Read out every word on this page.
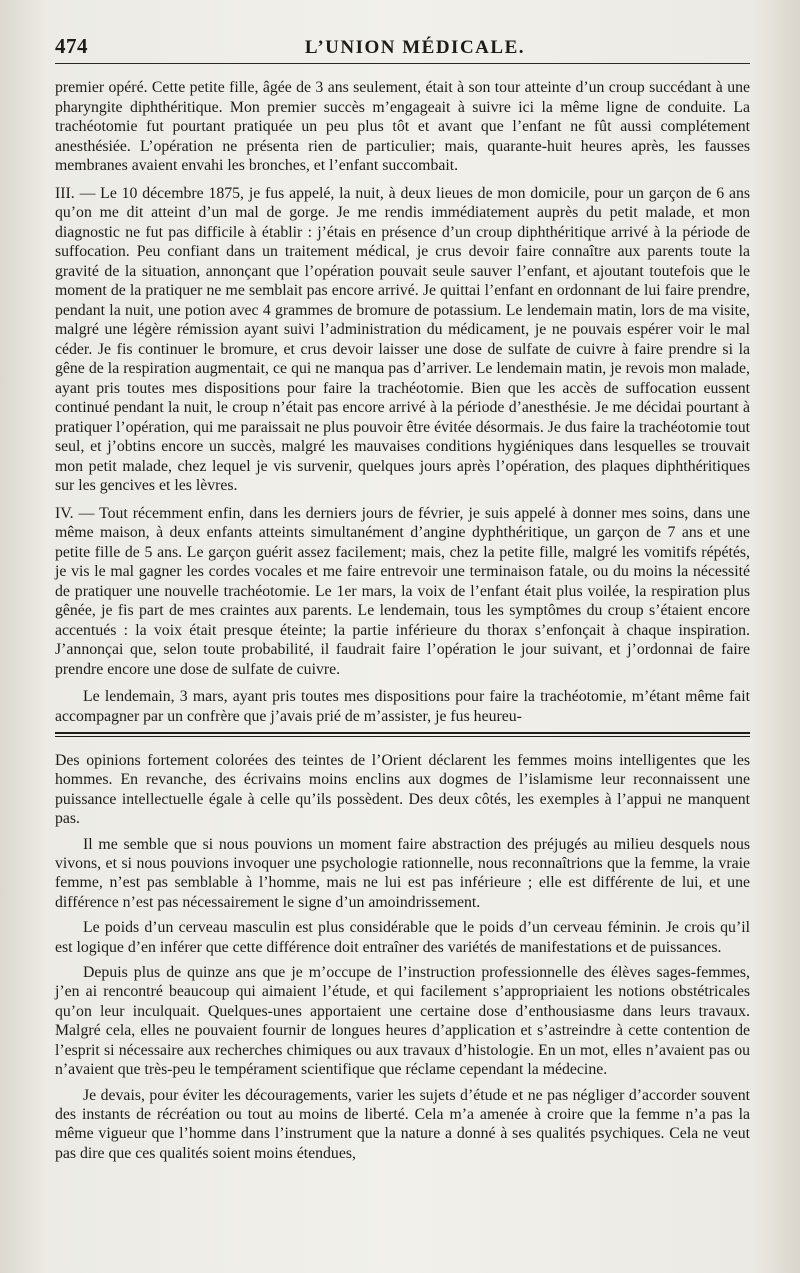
474	L’UNION MÉDICALE.

premier opéré. Cette petite fille, âgée de 3 ans seulement, était à son tour atteinte d’un croup succédant à une pharyngite diphthéritique. Mon premier succès m’engageait à suivre ici la même ligne de conduite. La trachéotomie fut pourtant pratiquée un peu plus tôt et avant que l’enfant ne fût aussi complétement anesthésiée. L’opération ne présenta rien de particulier; mais, quarante-huit heures après, les fausses membranes avaient envahi les bronches, et l’enfant succombait.

III. — Le 10 décembre 1875, je fus appelé, la nuit, à deux lieues de mon domicile, pour un garçon de 6 ans qu’on me dit atteint d’un mal de gorge. Je me rendis immédiatement auprès du petit malade, et mon diagnostic ne fut pas difficile à établir : j’étais en présence d’un croup diphthéritique arrivé à la période de suffocation. Peu confiant dans un traitement médical, je crus devoir faire connaître aux parents toute la gravité de la situation, annonçant que l’opération pouvait seule sauver l’enfant, et ajoutant toutefois que le moment de la pratiquer ne me semblait pas encore arrivé. Je quittai l’enfant en ordonnant de lui faire prendre, pendant la nuit, une potion avec 4 grammes de bromure de potassium. Le lendemain matin, lors de ma visite, malgré une légère rémission ayant suivi l’administration du médicament, je ne pouvais espérer voir le mal céder. Je fis continuer le bromure, et crus devoir laisser une dose de sulfate de cuivre à faire prendre si la gêne de la respiration augmentait, ce qui ne manqua pas d’arriver. Le lendemain matin, je revois mon malade, ayant pris toutes mes dispositions pour faire la trachéotomie. Bien que les accès de suffocation eussent continué pendant la nuit, le croup n’était pas encore arrivé à la période d’anesthésie. Je me décidai pourtant à pratiquer l’opération, qui me paraissait ne plus pouvoir être évitée désormais. Je dus faire la trachéotomie tout seul, et j’obtins encore un succès, malgré les mauvaises conditions hygiéniques dans lesquelles se trouvait mon petit malade, chez lequel je vis survenir, quelques jours après l’opération, des plaques diphthéritiques sur les gencives et les lèvres.

IV. — Tout récemment enfin, dans les derniers jours de février, je suis appelé à donner mes soins, dans une même maison, à deux enfants atteints simultanément d’angine dyphthéritique, un garçon de 7 ans et une petite fille de 5 ans. Le garçon guérit assez facilement; mais, chez la petite fille, malgré les vomitifs répétés, je vis le mal gagner les cordes vocales et me faire entrevoir une terminaison fatale, ou du moins la nécessité de pratiquer une nouvelle trachéotomie. Le 1er mars, la voix de l’enfant était plus voilée, la respiration plus gênée, je fis part de mes craintes aux parents. Le lendemain, tous les symptômes du croup s’étaient encore accentués : la voix était presque éteinte; la partie inférieure du thorax s’enfonçait à chaque inspiration. J’annonçai que, selon toute probabilité, il faudrait faire l’opération le jour suivant, et j’ordonnai de faire prendre encore une dose de sulfate de cuivre.

Le lendemain, 3 mars, ayant pris toutes mes dispositions pour faire la trachéotomie, m’étant même fait accompagner par un confrère que j’avais prié de m’assister, je fus heureu-

Des opinions fortement colorées des teintes de l’Orient déclarent les femmes moins intelligentes que les hommes. En revanche, des écrivains moins enclins aux dogmes de l’islamisme leur reconnaissent une puissance intellectuelle égale à celle qu’ils possèdent. Des deux côtés, les exemples à l’appui ne manquent pas.

Il me semble que si nous pouvions un moment faire abstraction des préjugés au milieu desquels nous vivons, et si nous pouvions invoquer une psychologie rationnelle, nous reconnaîtrions que la femme, la vraie femme, n’est pas semblable à l’homme, mais ne lui est pas inférieure ; elle est différente de lui, et une différence n’est pas nécessairement le signe d’un amoindrissement.

Le poids d’un cerveau masculin est plus considérable que le poids d’un cerveau féminin. Je crois qu’il est logique d’en inférer que cette différence doit entraîner des variétés de manifestations et de puissances.

Depuis plus de quinze ans que je m’occupe de l’instruction professionnelle des élèves sages-femmes, j’en ai rencontré beaucoup qui aimaient l’étude, et qui facilement s’appropriaient les notions obstétricales qu’on leur inculquait. Quelques-unes apportaient une certaine dose d’enthousiasme dans leurs travaux. Malgré cela, elles ne pouvaient fournir de longues heures d’application et s’astreindre à cette contention de l’esprit si nécessaire aux recherches chimiques ou aux travaux d’histologie. En un mot, elles n’avaient pas ou n’avaient que très-peu le tempérament scientifique que réclame cependant la médecine.

Je devais, pour éviter les découragements, varier les sujets d’étude et ne pas négliger d’accorder souvent des instants de récréation ou tout au moins de liberté. Cela m’a amenée à croire que la femme n’a pas la même vigueur que l’homme dans l’instrument que la nature a donné à ses qualités psychiques. Cela ne veut pas dire que ces qualités soient moins étendues,
